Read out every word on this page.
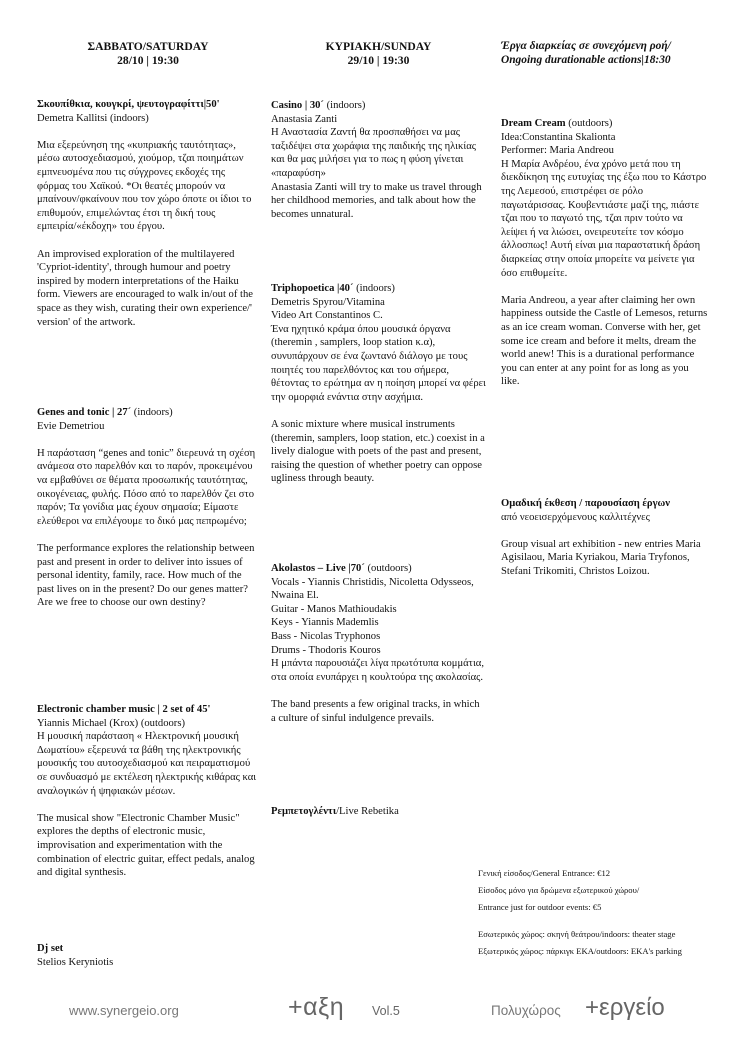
ΣΑΒΒΑΤΟ/SATURDAY

28/10 | 19:30

Σκουπίθκια, κουγκρί, ψευτογραφίττι|50'
Demetra Kallitsi (indoors)

Μια εξερεύνηση της «κυπριακής ταυτότητας», μέσω αυτοσχεδιασμού, χιούμορ, τζαι ποιημάτων εμπνευσμένα που τις σύγχρονες εκδοχές της φόρμας του Χαϊκού. *Οι θεατές μπορούν να μπαίνουν/φκαίνουν που τον χώρο όποτε οι ίδιοι το επιθυμούν, επιμελώντας έτσι τη δική τους εμπειρία/«έκδοχη» του έργου.

An improvised exploration of the multilayered 'Cypriot-identity', through humour and poetry inspired by modern interpretations of the Haiku form. Viewers are encouraged to walk in/out of the space as they wish, curating their own experience/' version' of the artwork.

Genes and tonic | 27´ (indoors)
Evie Demetriou

Η παράσταση “genes and tonic” διερευνά τη σχέση ανάμεσα στο παρελθόν και το παρόν, προκειμένου να εμβαθύνει σε θέματα προσωπικής ταυτότητας, οικογένειας, φυλής. Πόσο από το παρελθόν ζει στο παρόν; Τα γονίδια μας έχουν σημασία; Είμαστε ελεύθεροι να επιλέγουμε το δικό μας πεπρωμένο;

The performance explores the relationship between past and present in order to deliver into issues of personal identity, family, race. How much of the past lives on in the present? Do our genes matter? Are we free to choose our own destiny?

Electronic chamber music | 2 set of 45'
Yiannis Michael (Krox) (outdoors)

Η μουσική παράσταση « Ηλεκτρονική μουσική Δωματίου» εξερευνά τα βάθη της ηλεκτρονικής μουσικής του αυτοσχεδιασμού και πειραματισμού σε συνδυασμό με εκτέλεση ηλεκτρικής κιθάρας και αναλογικών ή ψηφιακών μέσων.

The musical show "Electronic Chamber Music" explores the depths of electronic music, improvisation and experimentation with the combination of electric guitar, effect pedals, analog and digital synthesis.

Dj set
Stelios Keryniotis

ΚΥΡΙΑΚΗ/SUNDAY

29/10 | 19:30

Casino | 30´ (indoors)
Anastasia Zanti

Η Αναστασία Ζαντή θα προσπαθήσει να μας ταξιδέψει στα χωράφια της παιδικής της ηλικίας και θα μας μιλήσει για το πως η φύση γίνεται «παραφύση»

Anastasia Zanti will try to make us travel through her childhood memories, and talk about how the becomes unnatural.

Triphopoetica |40´ (indoors)
Demetris Spyrou/Vitamina
Video Art Constantinos C.

Ένα ηχητικό κράμα όπου μουσικά όργανα (theremin , samplers, loop station κ.α), συνυπάρχουν σε ένα ζωντανό διάλογο με τους ποιητές του παρελθόντος και του σήμερα, θέτοντας το ερώτημα αν η ποίηση μπορεί να φέρει την ομορφιά ενάντια στην ασχήμια.

A sonic mixture where musical instruments (theremin, samplers, loop station, etc.) coexist in a lively dialogue with poets of the past and present, raising the question of whether poetry can oppose ugliness through beauty.

Akolastos – Live |70´ (outdoors)
Vocals - Yiannis Christidis, Nicoletta Odysseos, Nwaina El.
Guitar - Manos Mathioudakis
Keys - Yiannis Mademlis
Bass - Nicolas Tryphonos
Drums - Thodoris Kouros

Η μπάντα παρουσιάζει λίγα πρωτότυπα κομμάτια, στα οποία ενυπάρχει η κουλτούρα της ακολασίας.

The band presents a few original tracks, in which a culture of sinful indulgence prevails.

Ρεμπετογλέντι/Live Rebetika

Έργα διαρκείας σε συνεχόμενη ροή/ Ongoing durationable actions|18:30

Dream Cream (outdoors)
Idea:Constantina Skalionta
Performer: Maria Andreou

Η Μαρία Ανδρέου, ένα χρόνο μετά που τη διεκδίκηση της ευτυχίας της έξω που το Κάστρο της Λεμεσού, επιστρέφει σε ρόλο παγωτάρισσας. Κουβεντιάστε μαζί της, πιάστε τζαι που το παγωτό της, τζαι πριν τούτο να λείψει ή να λιώσει, ονειρευτείτε τον κόσμο άλλοσπως! Αυτή είναι μια παραστατική δράση διαρκείας στην οποία μπορείτε να μείνετε για όσο επιθυμείτε.

Maria Andreou, a year after claiming her own happiness outside the Castle of Lemesos, returns as an ice cream woman. Converse with her, get some ice cream and before it melts, dream the world anew! This is a durational performance you can enter at any point for as long as you like.

Ομαδική έκθεση / παρουσίαση έργων
από νεοεισερχόμενους καλλιτέχνες

Group visual art exhibition - new entries Maria Agisilaou, Maria Kyriakou, Maria Tryfonos, Stefani Trikomiti, Christos Loizou.

Γενική είσοδος/General Entrance: €12
Είσοδος μόνο για δρώμενα εξωτερικού χώρου/
Entrance just for outdoor events: €5
Εσωτερικός χώρος: σκηνή θεάτρου/indoors: theater stage
Εξωτερικός χώρος: πάρκιγκ ΕΚΑ/outdoors: EKA's parking
www.synergeio.org	+αξη Vol.5	Πολυχώρος +εργείο
